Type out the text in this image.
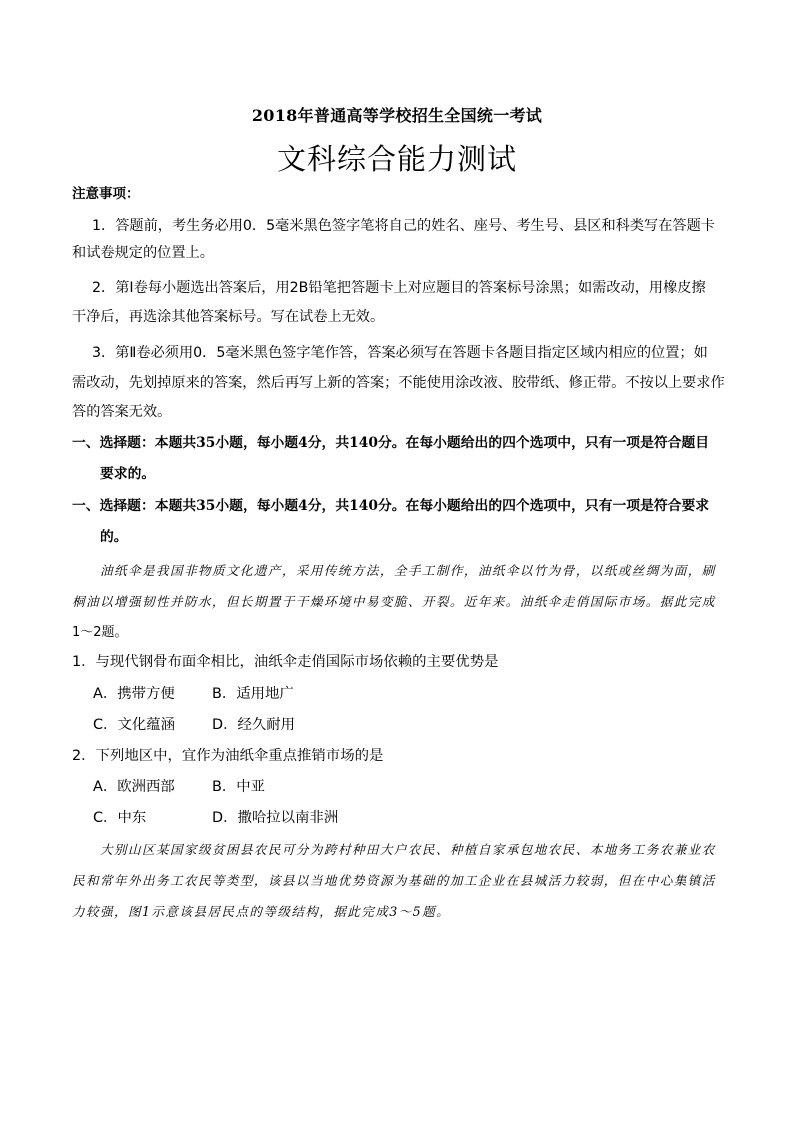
2018年普通高等学校招生全国统一考试
文科综合能力测试
注意事项：
1．答题前，考生务必用0．5毫米黑色签字笔将自己的姓名、座号、考生号、县区和科类写在答题卡
和试卷规定的位置上。
2．第Ⅰ卷每小题选出答案后，用2B铅笔把答题卡上对应题目的答案标号涂黑；如需改动，用橡皮擦
干净后，再选涂其他答案标号。写在试卷上无效。
3．第Ⅱ卷必须用0．5毫米黑色签字笔作答，答案必须写在答题卡各题目指定区域内相应的位置；如
需改动，先划掉原来的答案，然后再写上新的答案；不能使用涂改液、胶带纸、修正带。不按以上要求作
答的答案无效。
一、选择题：本题共35小题，每小题4分，共140分。在每小题给出的四个选项中，只有一项是符合题目
要求的。
一、选择题：本题共35小题，每小题4分，共140分。在每小题给出的四个选项中，只有一项是符合要求
的。
油纸伞是我国非物质文化遗产，采用传统方法，全手工制作，油纸伞以竹为骨，以纸或丝绸为面，刷
桐油以增强韧性并防水，但长期置于干燥环境中易变脆、开裂。近年来。油纸伞走俏国际市场。据此完成
1～2题。
1．与现代钢骨布面伞相比，油纸伞走俏国际市场依赖的主要优势是
A．携带方便	B．适用地广
C．文化蕴涵	D．经久耐用
2．下列地区中，宜作为油纸伞重点推销市场的是
A．欧洲西部	B．中亚
C．中东	D．撒哈拉以南非洲
大别山区某国家级贫困县农民可分为跨村种田大户农民、种植自家承包地农民、本地务工务农兼业农
民和常年外出务工农民等类型，该县以当地优势资源为基础的加工企业在县城活力较弱，但在中心集镇活
力较强，图1示意该县居民点的等级结构，据此完成3～5题。
